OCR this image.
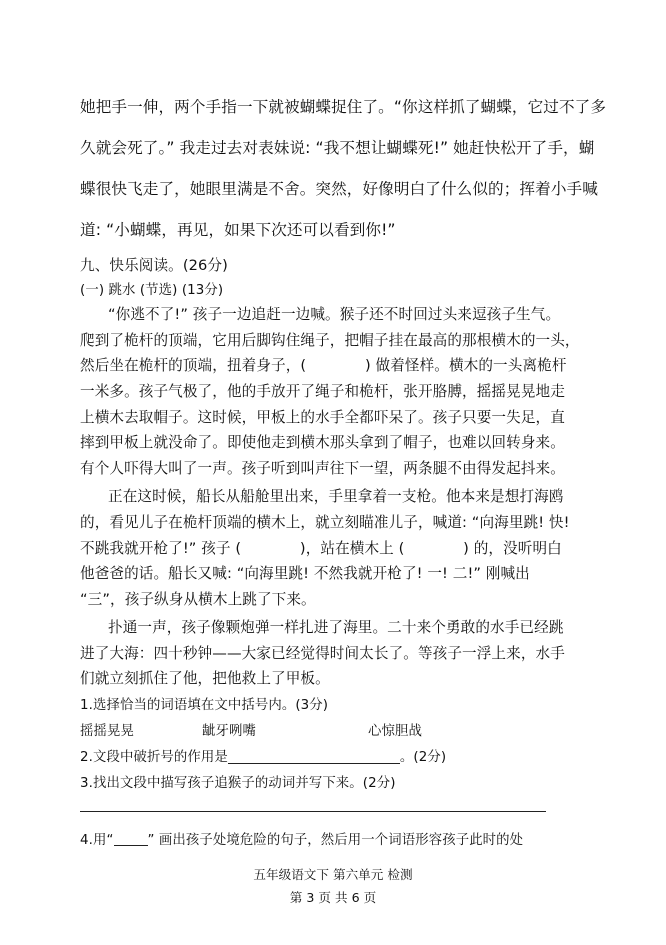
她把手一伸，两个手指一下就被蝴蝶捉住了。“你这样抓了蝴蝶，它过不了多
久就会死了。” 我走过去对表妹说: “我不想让蝴蝶死!” 她赶快松开了手，蝴
蝶很快飞走了，她眼里满是不舍。突然，好像明白了什么似的；挥着小手喊
道: “小蝴蝶，再见，如果下次还可以看到你!”
九、快乐阅读。(26分)
(一) 跳水 (节选) (13分)
“你逃不了!” 孩子一边追赶一边喊。猴子还不时回过头来逗孩子生气。
爬到了桅杆的顶端，它用后脚钩住绳子，把帽子挂在最高的那根横木的一头，
然后坐在桅杆的顶端，扭着身子，(　　　　) 做着怪样。横木的一头离桅杆
一米多。孩子气极了，他的手放开了绳子和桅杆，张开胳膊，摇摇晃晃地走
上横木去取帽子。这时候，甲板上的水手全都吓呆了。孩子只要一失足，直
摔到甲板上就没命了。即使他走到横木那头拿到了帽子，也难以回转身来。
有个人吓得大叫了一声。孩子听到叫声往下一望，两条腿不由得发起抖来。
正在这时候，船长从船舱里出来，手里拿着一支枪。他本来是想打海鸥
的，看见儿子在桅杆顶端的横木上，就立刻瞄准儿子，喊道: “向海里跳! 快!
不跳我就开枪了!” 孩子 (　　　　)，站在横木上 (　　　　) 的，没听明白
他爸爸的话。船长又喊: “向海里跳! 不然我就开枪了! 一! 二!” 刚喊出
“三”，孩子纵身从横木上跳了下来。
扑通一声，孩子像颗炮弹一样扎进了海里。二十来个勇敢的水手已经跳
进了大海：四十秒钟——大家已经觉得时间太长了。等孩子一浮上来，水手
们就立刻抓住了他，把他救上了甲板。
1.选择恰当的词语填在文中括号内。(3分)
摇摇晃晃	龇牙咧嘴	心惊胆战
2.文段中破折号的作用是	。(2分)
3.找出文段中描写孩子追猴子的动词并写下来。(2分)
4.用“	” 画出孩子处境危险的句子，然后用一个词语形容孩子此时的处
五年级语文下 第六单元 检测
第 3 页 共 6 页
